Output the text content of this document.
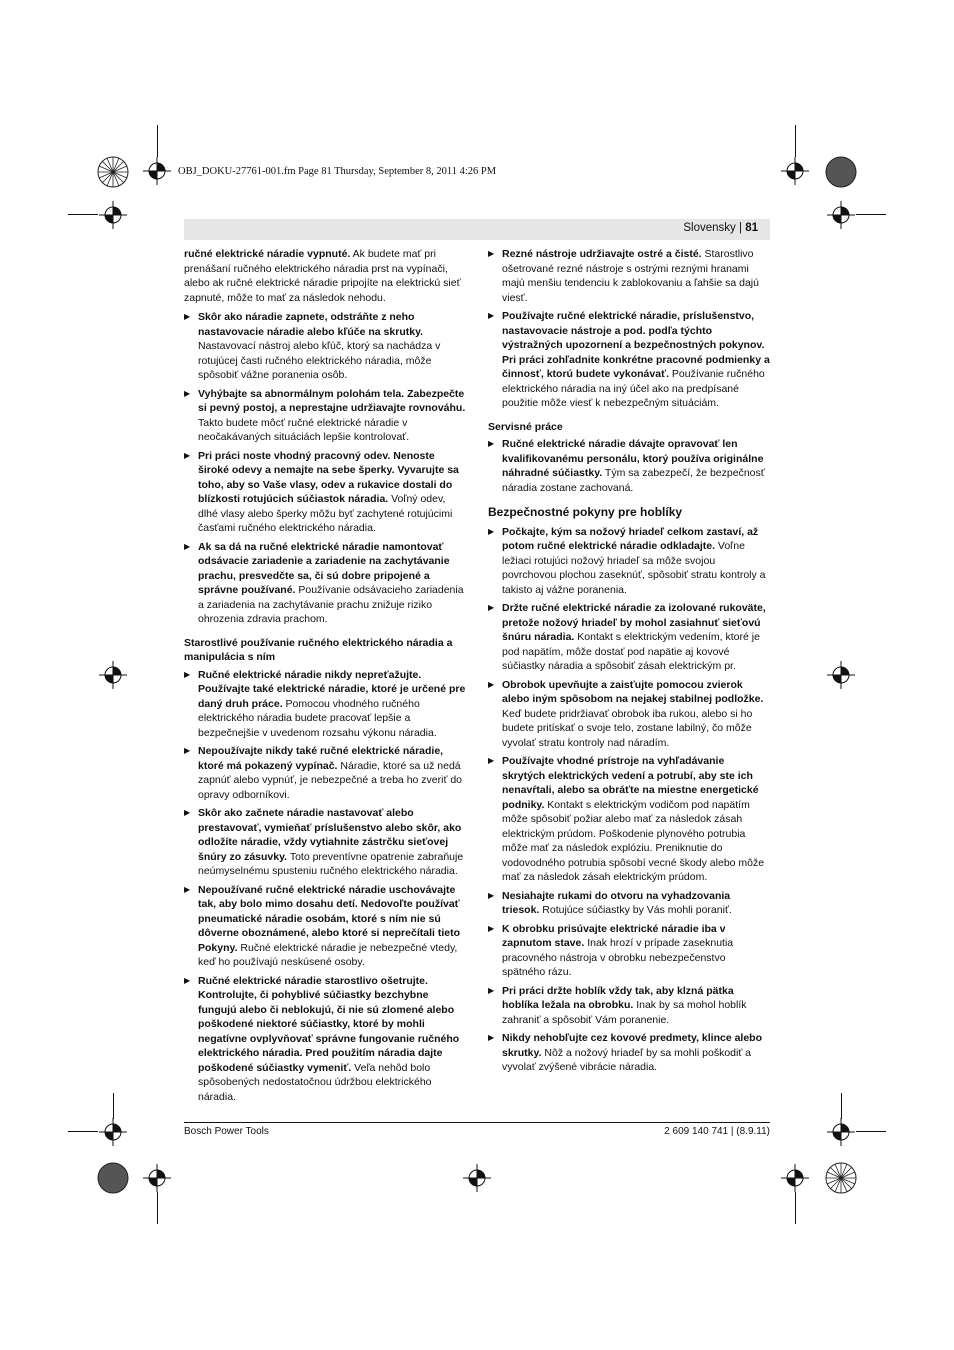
OBJ_DOKU-27761-001.fm Page 81 Thursday, September 8, 2011 4:26 PM
Slovensky | 81

ručné elektrické náradie vypnuté. Ak budete mať pri prenášaní ručného elektrického náradia prst na vypínači, alebo ak ručné elektrické náradie pripojíte na elektrickú sieť zapnuté, môže to mať za následok nehodu.

▶ Skôr ako náradie zapnete, odstráňte z neho nastavovacie náradie alebo kľúče na skrutky. Nastavovací nástroj alebo kľúč, ktorý sa nachádza v rotujúcej časti ručného elektrického náradia, môže spôsobiť vážne poranenia osôb.
▶ Vyhýbajte sa abnormálnym polohám tela. Zabezpečte si pevný postoj, a neprestajne udržiavajte rovnováhu. Takto budete môcť ručné elektrické náradie v neočakávaných situáciách lepšie kontrolovať.
▶ Pri práci noste vhodný pracovný odev. Nenoste široké odevy a nemajte na sebe šperky. Vyvarujte sa toho, aby so Vaše vlasy, odev a rukavice dostali do blízkosti rotujúcich súčiastok náradia. Voľný odev, dlhé vlasy alebo šperky môžu byť zachytené rotujúcimi časťami ručného elektrického náradia.
▶ Ak sa dá na ručné elektrické náradie namontovať odsávacie zariadenie a zariadenie na zachytávanie prachu, presvedčte sa, či sú dobre pripojené a správne používané. Používanie odsávacieho zariadenia a zariadenia na zachytávanie prachu znižuje riziko ohrozenia zdravia prachom.
Starostlivé používanie ručného elektrického náradia a manipulácia s ním
▶ Ručné elektrické náradie nikdy nepreťažujte. Používajte také elektrické náradie, ktoré je určené pre daný druh práce. Pomocou vhodného ručného elektrického náradia budete pracovať lepšie a bezpečnejšie v uvedenom rozsahu výkonu náradia.
▶ Nepoužívajte nikdy také ručné elektrické náradie, ktoré má pokazený vypínač. Náradie, ktoré sa už nedá zapnúť alebo vypnúť, je nebezpečné a treba ho zveriť do opravy odborníkovi.
▶ Skôr ako začnete náradie nastavovať alebo prestavovať, vymieňať príslušenstvo alebo skôr, ako odložíte náradie, vždy vytiahnite zástrčku sieťovej šnúry zo zásuvky. Toto preventívne opatrenie zabraňuje neúmyselnému spusteniu ručného elektrického náradia.
▶ Nepoužívané ručné elektrické náradie uschovávajte tak, aby bolo mimo dosahu detí. Nedovoľte používať pneumatické náradie osobám, ktoré s ním nie sú dôverne oboznámené, alebo ktoré si neprečítali tieto Pokyny. Ručné elektrické náradie je nebezpečné vtedy, keď ho používajú neskúsené osoby.
▶ Ručné elektrické náradie starostlivo ošetrujte. Kontrolujte, či pohyblivé súčiastky bezchybne fungujú alebo či neblokujú, či nie sú zlomené alebo poškodené niektoré súčiastky, ktoré by mohli negatívne ovplyvňovať správne fungovanie ručného elektrického náradia. Pred použitím náradia dajte poškodené súčiastky vymeniť. Veľa nehôd bolo spôsobených nedostatočnou údržbou elektrického náradia.
▶ Rezné nástroje udržiavajte ostré a čisté. Starostlivo ošetrované rezné nástroje s ostrými reznými hranami majú menšiu tendenciu k zablokovaniu a ľahšie sa dajú viesť.
▶ Používajte ručné elektrické náradie, príslušenstvo, nastavovacie nástroje a pod. podľa týchto výstražných upozornení a bezpečnostných pokynov. Pri práci zohľadnite konkrétne pracovné podmienky a činnosť, ktorú budete vykonávať. Používanie ručného elektrického náradia na iný účel ako na predpísané použitie môže viesť k nebezpečným situáciám.
Servisné práce
▶ Ručné elektrické náradie dávajte opravovať len kvalifikovanému personálu, ktorý používa originálne náhradné súčiastky. Tým sa zabezpečí, že bezpečnosť náradia zostane zachovaná.
Bezpečnostné pokyny pre hoblíky
▶ Počkajte, kým sa nožový hriadeľ celkom zastaví, až potom ručné elektrické náradie odkladajte. Voľne ležiaci rotujúci nožový hriadeľ sa môže svojou povrchovou plochou zaseknúť, spôsobiť stratu kontroly a takisto aj vážne poranenia.
▶ Držte ručné elektrické náradie za izolované rukoväte, pretože nožový hriadeľ by mohol zasiahnuť sieťovú šnúru náradia. Kontakt s elektrickým vedením, ktoré je pod napätím, môže dostať pod napätie aj kovové súčiastky náradia a spôsobiť zásah elektrickým pr.
▶ Obrobok upevňujte a zaisťujte pomocou zvierok alebo iným spôsobom na nejakej stabilnej podložke. Keď budete pridržiavať obrobok iba rukou, alebo si ho budete pritískať o svoje telo, zostane labilný, čo môže vyvolať stratu kontroly nad náradím.
▶ Používajte vhodné prístroje na vyhľadávanie skrytých elektrických vedení a potrubí, aby ste ich nenavŕtali, alebo sa obráťte na miestne energetické podniky. Kontakt s elektrickým vodičom pod napätím môže spôsobiť požiar alebo mať za následok zásah elektrickým prúdom. Poškodenie plynového potrubia môže mať za následok explóziu. Preniknutie do vodovodného potrubia spôsobí vecné škody alebo môže mať za následok zásah elektrickým prúdom.
▶ Nesiahajte rukami do otvoru na vyhadzovania triesok. Rotujúce súčiastky by Vás mohli poraniť.
▶ K obrobku prisúvajte elektrické náradie iba v zapnutom stave. Inak hrozí v prípade zaseknutia pracovného nástroja v obrobku nebezpečenstvo spätného rázu.
▶ Pri práci držte hoblík vždy tak, aby klzná pätka hoblíka ležala na obrobku. Inak by sa mohol hoblík zahraniť a spôsobiť Vám poranenie.
▶ Nikdy nehobľujte cez kovové predmety, klince alebo skrutky. Nôž a nožový hriadeľ by sa mohli poškodiť a vyvolať zvýšené vibrácie náradia.
Bosch Power Tools	2 609 140 741 | (8.9.11)
